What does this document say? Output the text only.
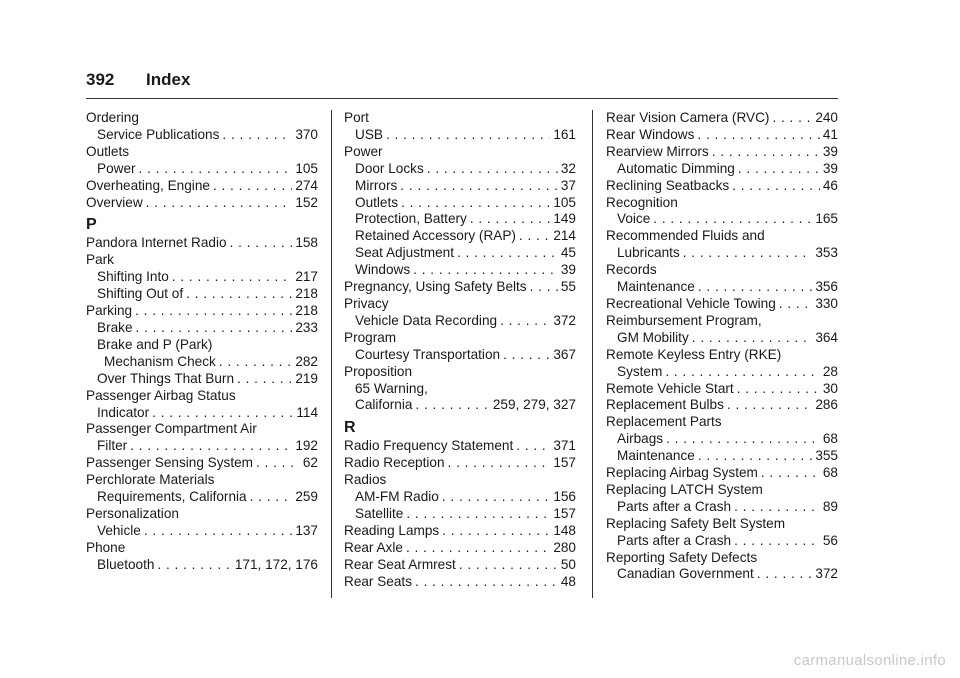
392 Index
Ordering
Service Publications . . .	370
Outlets
Power . . .	105
Overheating, Engine . . .	274
Overview . . .	152
P
Pandora Internet Radio . . .	158
Park
Shifting Into . . .	217
Shifting Out of . . .	218
Parking . . .	218
Brake . . .	233
Brake and P (Park)
Mechanism Check . . .	282
Over Things That Burn . . .	219
Passenger Airbag Status
Indicator . . .	114
Passenger Compartment Air
Filter . . .	192
Passenger Sensing System . . .	62
Perchlorate Materials
Requirements, California . . .	259
Personalization
Vehicle . . .	137
Phone
Bluetooth . . .	171, 172, 176
Port
USB . . .	161
Power
Door Locks . . .	32
Mirrors . . .	37
Outlets . . .	105
Protection, Battery . . .	149
Retained Accessory (RAP) . . .	214
Seat Adjustment . . .	45
Windows . . .	39
Pregnancy, Using Safety Belts . . .	55
Privacy
Vehicle Data Recording . . .	372
Program
Courtesy Transportation . . .	367
Proposition
65 Warning,
California . . .	259, 279, 327
R
Radio Frequency Statement . . .	371
Radio Reception . . .	157
Radios
AM-FM Radio . . .	156
Satellite . . .	157
Reading Lamps . . .	148
Rear Axle . . .	280
Rear Seat Armrest . . .	50
Rear Seats . . .	48
Rear Vision Camera (RVC) . . .	240
Rear Windows . . .	41
Rearview Mirrors . . .	39
Automatic Dimming . . .	39
Reclining Seatbacks . . .	46
Recognition
Voice . . .	165
Recommended Fluids and
Lubricants . . .	353
Records
Maintenance . . .	356
Recreational Vehicle Towing . . .	330
Reimbursement Program,
GM Mobility . . .	364
Remote Keyless Entry (RKE)
System . . .	28
Remote Vehicle Start . . .	30
Replacement Bulbs . . .	286
Replacement Parts
Airbags . . .	68
Maintenance . . .	355
Replacing Airbag System . . .	68
Replacing LATCH System
Parts after a Crash . . .	89
Replacing Safety Belt System
Parts after a Crash . . .	56
Reporting Safety Defects
Canadian Government . . .	372
carmanualsonline.info
